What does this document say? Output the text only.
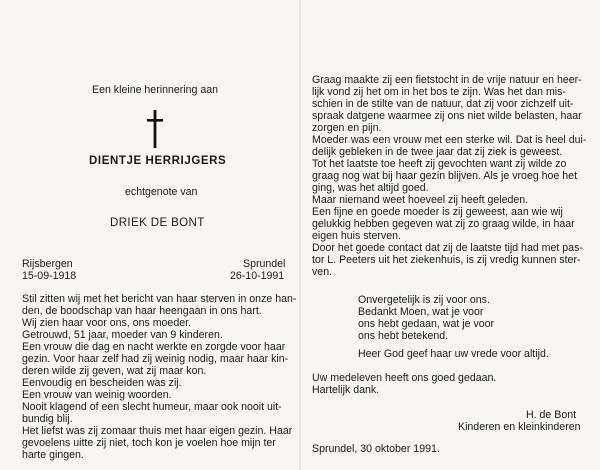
Een kleine herinnering aan
DIENTJE HERRIJGERS
echtgenote van
DRIEK DE BONT
Rijsbergen
15-09-1918
Sprundel
26-10-1991
Stil zitten wij met het bericht van haar sterven in onze han-
den, de boodschap van haar heengaan in ons hart.
Wij zien haar voor ons, ons moeder.
Getrouwd, 51 jaar, moeder van 9 kinderen.
Een vrouw die dag en nacht werkte en zorgde voor haar
gezin. Voor haar zelf had zij weinig nodig, maar haar kin-
deren wilde zij geven, wat zij maar kon.
Eenvoudig en bescheiden was zij.
Een vrouw van weinig woorden.
Nooit klagend of een slecht humeur, maar ook nooit uit-
bundig blij.
Het liefst was zij zomaar thuis met haar eigen gezin. Haar
gevoelens uitte zij niet, toch kon je voelen hoe mijn ter
harte gingen.
Graag maakte zij een fietstocht in de vrije natuur en heer-
lijk vond zij het om in het bos te zijn. Was het dan mis-
schien in de stilte van de natuur, dat zij voor zichzelf uit-
spraak datgene waarmee zij ons niet wilde belasten, haar
zorgen en pijn.
Moeder was een vrouw met een sterke wil. Dat is heel dui-
delijk gebleken in de twee jaar dat zij ziek is geweest.
Tot het laatste toe heeft zij gevochten want zij wilde zo
graag nog wat bij haar gezin blijven. Als je vroeg hoe het
ging, was het altijd goed.
Maar niemand weet hoeveel zij heeft geleden.
Een fijne en goede moeder is zij geweest, aan wie wij
gelukkig hebben gegeven wat zij zo graag wilde, in haar
eigen huis sterven.
Door het goede contact dat zij de laatste tijd had met pas-
tor L. Peeters uit het ziekenhuis, is zij vredig kunnen ster-
ven.
Onvergetelijk is zij voor ons.
Bedankt Moen, wat je voor
ons hebt gedaan, wat je voor
ons hebt betekend.
Heer God geef haar uw vrede voor altijd.
Uw medeleven heeft ons goed gedaan.
Hartelijk dank.
H. de Bont
Kinderen en kleinkinderen
Sprundel, 30 oktober 1991.
